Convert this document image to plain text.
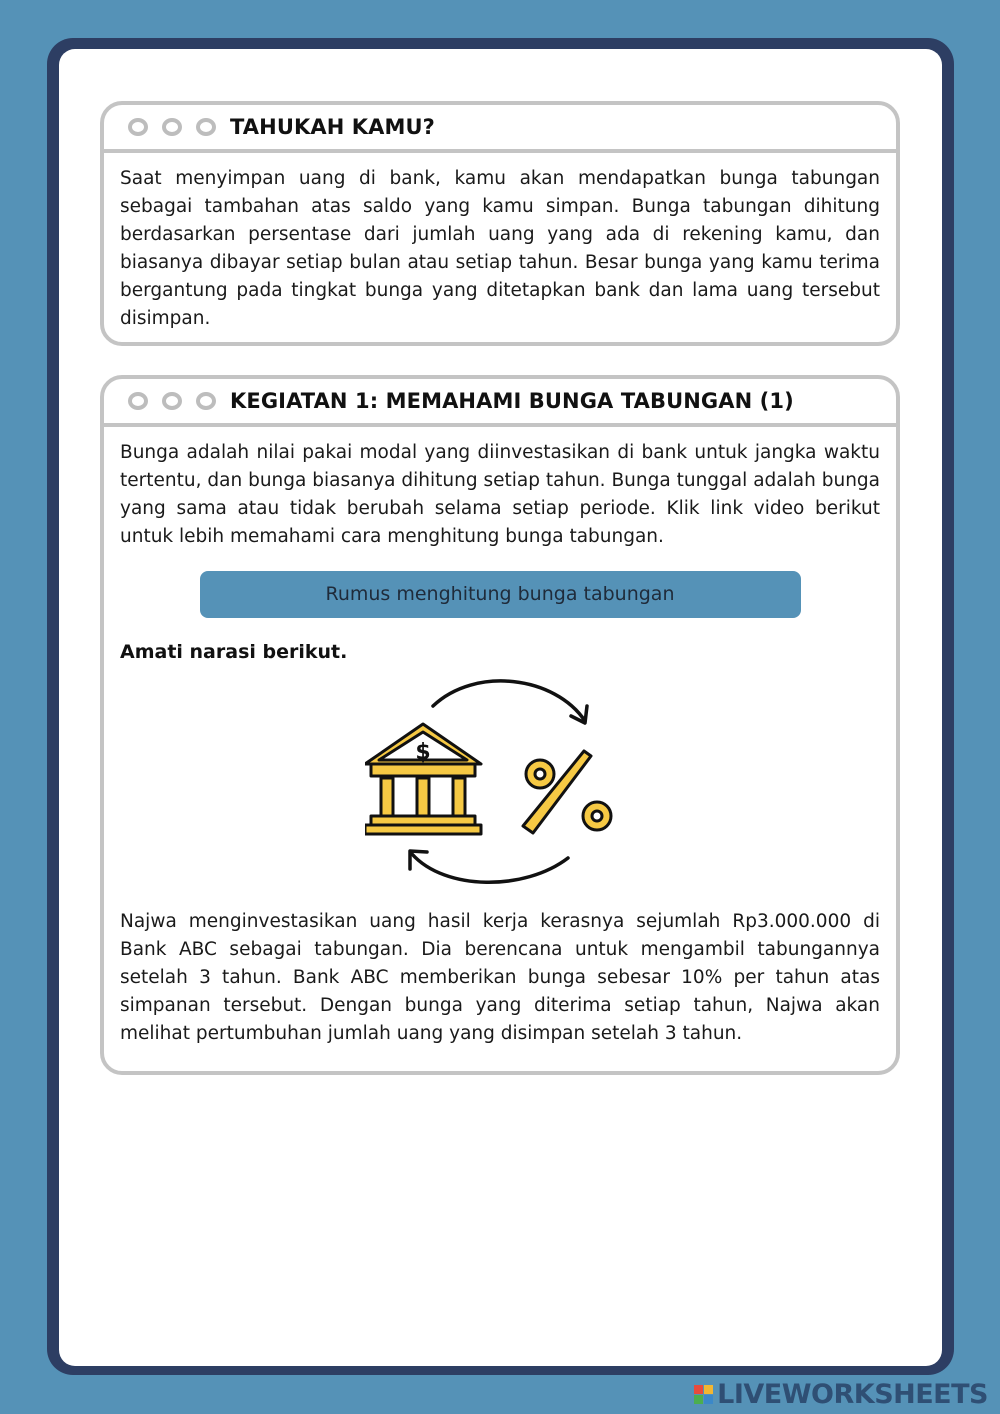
TAHUKAH KAMU?

Saat menyimpan uang di bank, kamu akan mendapatkan bunga tabungan sebagai tambahan atas saldo yang kamu simpan. Bunga tabungan dihitung berdasarkan persentase dari jumlah uang yang ada di rekening kamu, dan biasanya dibayar setiap bulan atau setiap tahun. Besar bunga yang kamu terima bergantung pada tingkat bunga yang ditetapkan bank dan lama uang tersebut disimpan.

KEGIATAN 1: MEMAHAMI BUNGA TABUNGAN (1)

Bunga adalah nilai pakai modal yang diinvestasikan di bank untuk jangka waktu tertentu, dan bunga biasanya dihitung setiap tahun. Bunga tunggal adalah bunga yang sama atau tidak berubah selama setiap periode. Klik link video berikut untuk lebih memahami cara menghitung bunga tabungan.

Rumus menghitung bunga tabungan
Amati narasi berikut.
$

Najwa menginvestasikan uang hasil kerja kerasnya sejumlah Rp3.000.000 di Bank ABC sebagai tabungan. Dia berencana untuk mengambil tabungannya setelah 3 tahun. Bank ABC memberikan bunga sebesar 10% per tahun atas simpanan tersebut. Dengan bunga yang diterima setiap tahun, Najwa akan melihat pertumbuhan jumlah uang yang disimpan setelah 3 tahun.

LIVEWORKSHEETS
